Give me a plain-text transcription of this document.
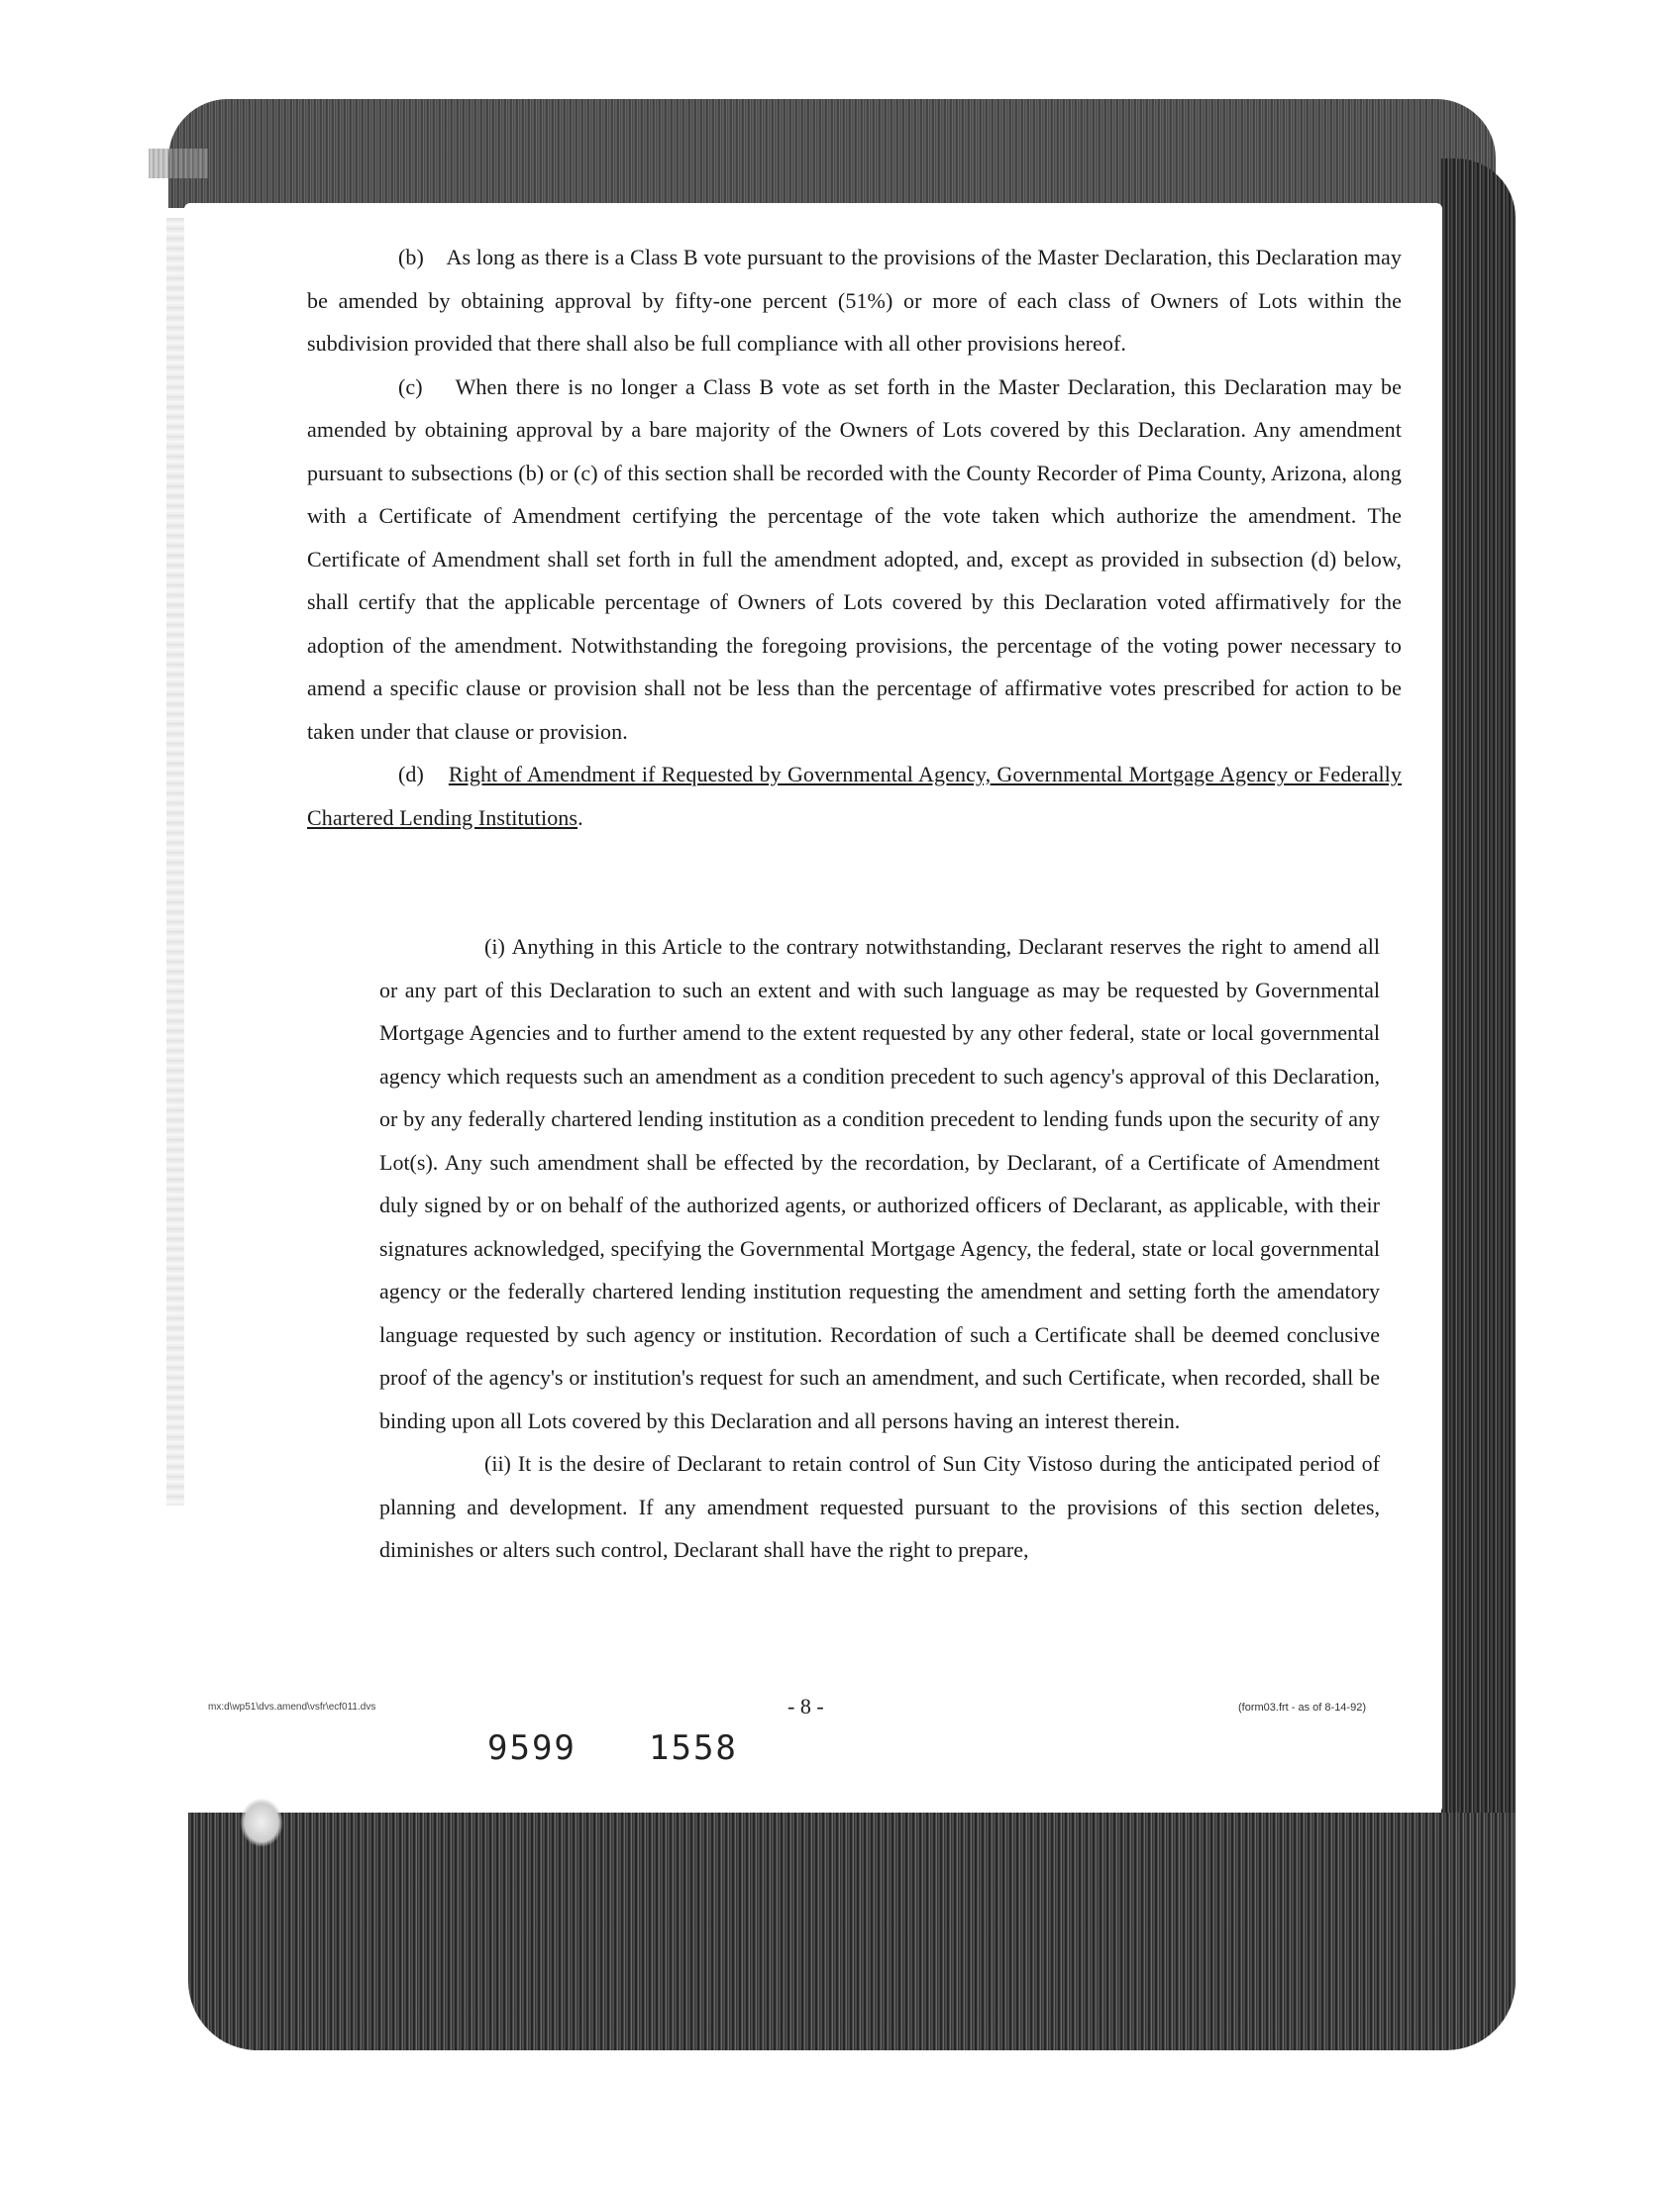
(b) As long as there is a Class B vote pursuant to the provisions of the Master Declaration, this Declaration may be amended by obtaining approval by fifty-one percent (51%) or more of each class of Owners of Lots within the subdivision provided that there shall also be full compliance with all other provisions hereof.

(c) When there is no longer a Class B vote as set forth in the Master Declaration, this Declaration may be amended by obtaining approval by a bare majority of the Owners of Lots covered by this Declaration. Any amendment pursuant to subsections (b) or (c) of this section shall be recorded with the County Recorder of Pima County, Arizona, along with a Certificate of Amendment certifying the percentage of the vote taken which authorize the amendment. The Certificate of Amendment shall set forth in full the amendment adopted, and, except as provided in subsection (d) below, shall certify that the applicable percentage of Owners of Lots covered by this Declaration voted affirmatively for the adoption of the amendment. Notwithstanding the foregoing provisions, the percentage of the voting power necessary to amend a specific clause or provision shall not be less than the percentage of affirmative votes prescribed for action to be taken under that clause or provision.

(d) Right of Amendment if Requested by Governmental Agency, Governmental Mortgage Agency or Federally Chartered Lending Institutions.

(i) Anything in this Article to the contrary notwithstanding, Declarant reserves the right to amend all or any part of this Declaration to such an extent and with such language as may be requested by Governmental Mortgage Agencies and to further amend to the extent requested by any other federal, state or local governmental agency which requests such an amendment as a condition precedent to such agency's approval of this Declaration, or by any federally chartered lending institution as a condition precedent to lending funds upon the security of any Lot(s). Any such amendment shall be effected by the recordation, by Declarant, of a Certificate of Amendment duly signed by or on behalf of the authorized agents, or authorized officers of Declarant, as applicable, with their signatures acknowledged, specifying the Governmental Mortgage Agency, the federal, state or local governmental agency or the federally chartered lending institution requesting the amendment and setting forth the amendatory language requested by such agency or institution. Recordation of such a Certificate shall be deemed conclusive proof of the agency's or institution's request for such an amendment, and such Certificate, when recorded, shall be binding upon all Lots covered by this Declaration and all persons having an interest therein.

(ii) It is the desire of Declarant to retain control of Sun City Vistoso during the anticipated period of planning and development. If any amendment requested pursuant to the provisions of this section deletes, diminishes or alters such control, Declarant shall have the right to prepare,

mx:d\wp51\dvs.amend\vsfr\ecf011.dvs	- 8 -	(form03.frt - as of 8-14-92)
9599 1558
